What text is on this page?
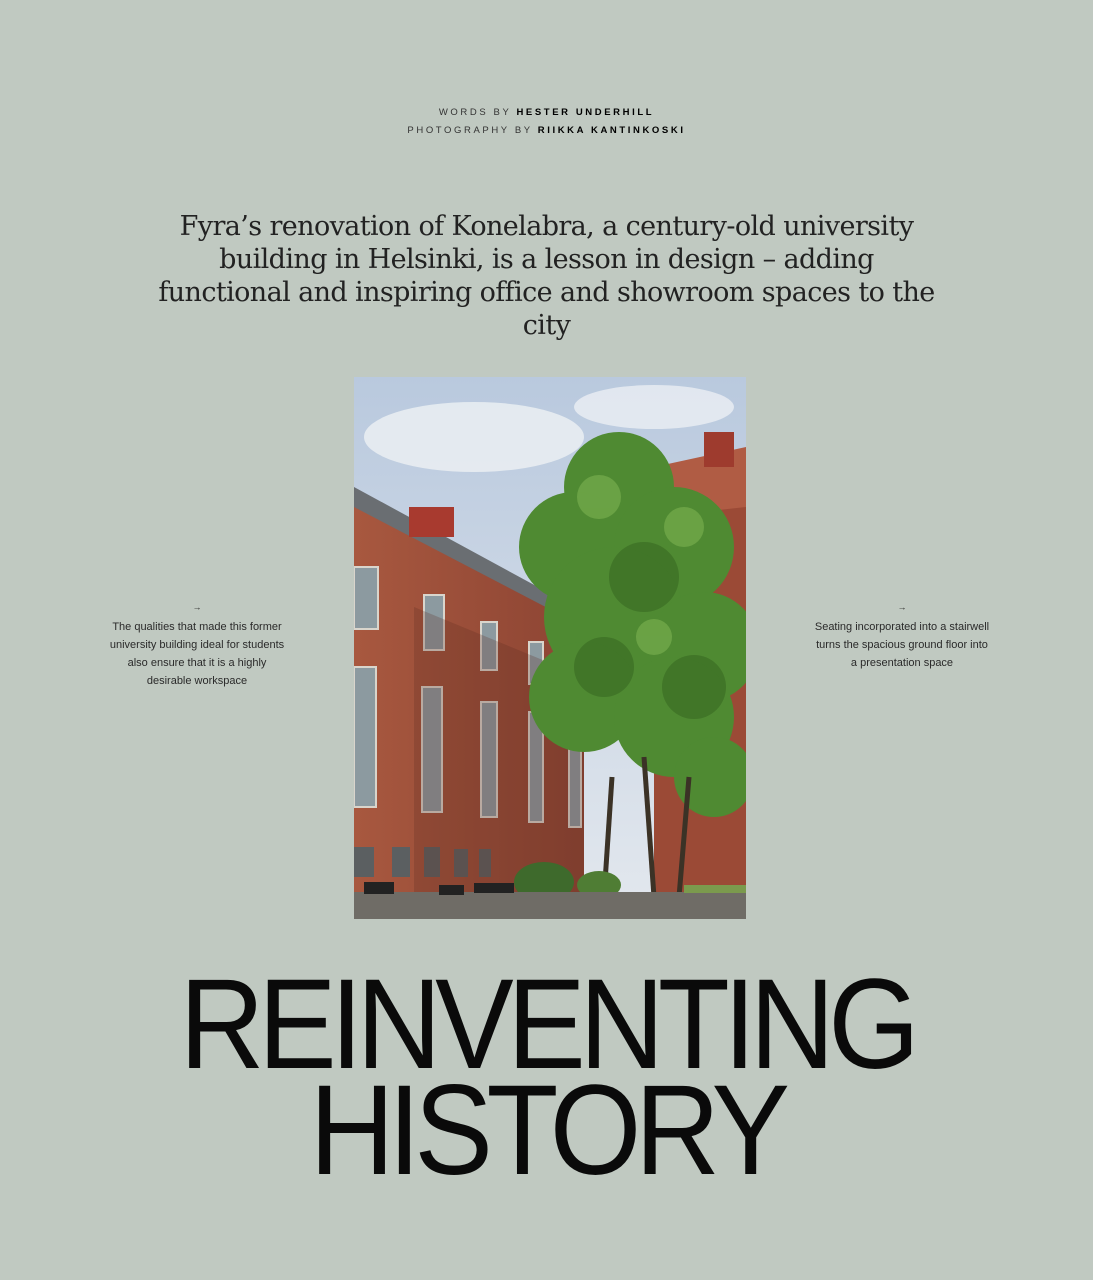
WORDS BY HESTER UNDERHILL
PHOTOGRAPHY BY RIIKKA KANTINKOSKI

Fyra’s renovation of Konelabra, a century-old university building in Helsinki, is a lesson in design – adding functional and inspiring office and showroom spaces to the city

→
The qualities that made this former university building ideal for students also ensure that it is a highly desirable workspace
→
Seating incorporated into a stairwell turns the spacious ground floor into a presentation space
REINVENTING
HISTORY
